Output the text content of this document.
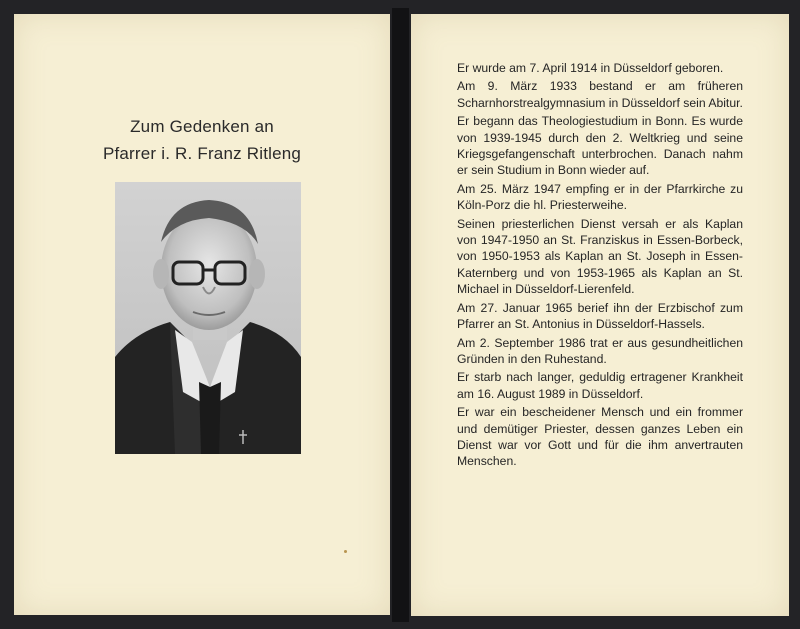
Zum Gedenken an
Pfarrer i. R. Franz Ritleng

Er wurde am 7. April 1914 in Düsseldorf geboren.

Am 9. März 1933 bestand er am früheren Scharnhorstrealgymnasium in Düsseldorf sein Abitur.

Er begann das Theologiestudium in Bonn. Es wurde von 1939-1945 durch den 2. Weltkrieg und seine Kriegsgefangenschaft unterbrochen. Danach nahm er sein Studium in Bonn wieder auf.

Am 25. März 1947 empfing er in der Pfarrkirche zu Köln-Porz die hl. Priesterweihe.

Seinen priesterlichen Dienst versah er als Kaplan von 1947-1950 an St. Franziskus in Essen-Borbeck, von 1950-1953 als Kaplan an St. Joseph in Essen-Katernberg und von 1953-1965 als Kaplan an St. Michael in Düsseldorf-Lierenfeld.

Am 27. Januar 1965 berief ihn der Erzbischof zum Pfarrer an St. Antonius in Düsseldorf-Hassels.

Am 2. September 1986 trat er aus gesundheitlichen Gründen in den Ruhestand.

Er starb nach langer, geduldig ertragener Krankheit am 16. August 1989 in Düsseldorf.

Er war ein bescheidener Mensch und ein frommer und demütiger Priester, dessen ganzes Leben ein Dienst war vor Gott und für die ihm anvertrauten Menschen.
